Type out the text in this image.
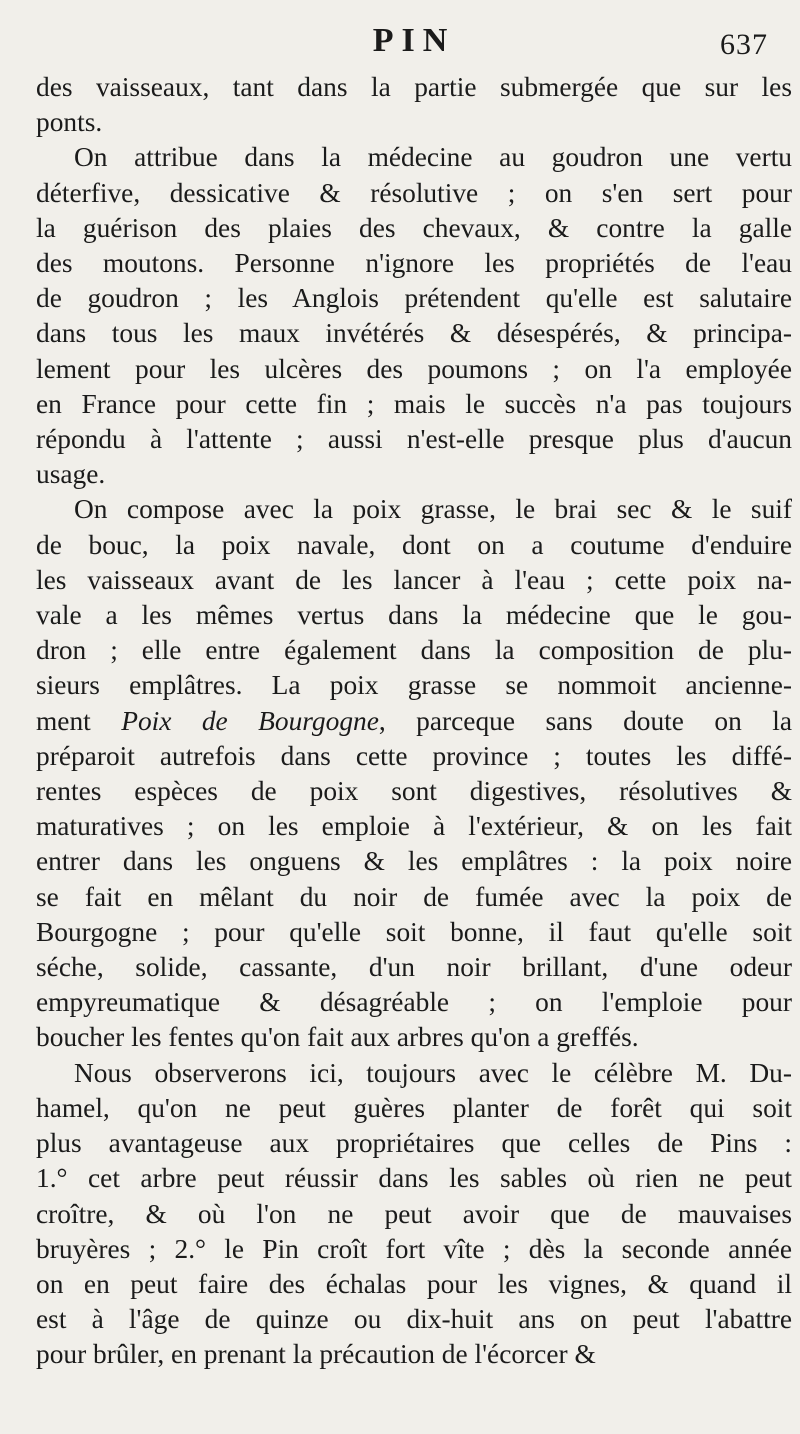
PIN	637
des vaisseaux, tant dans la partie submergée que sur les
ponts.
On attribue dans la médecine au goudron une vertu
déterfive, dessicative & résolutive ; on s'en sert pour
la guérison des plaies des chevaux, & contre la galle
des moutons. Personne n'ignore les propriétés de l'eau
de goudron ; les Anglois prétendent qu'elle est salutaire
dans tous les maux invétérés & désespérés, & principa-
lement pour les ulcères des poumons ; on l'a employée
en France pour cette fin ; mais le succès n'a pas toujours
répondu à l'attente ; aussi n'est-elle presque plus d'aucun
usage.
On compose avec la poix grasse, le brai sec & le suif
de bouc, la poix navale, dont on a coutume d'enduire
les vaisseaux avant de les lancer à l'eau ; cette poix na-
vale a les mêmes vertus dans la médecine que le gou-
dron ; elle entre également dans la composition de plu-
sieurs emplâtres. La poix grasse se nommoit ancienne-
ment Poix de Bourgogne, parceque sans doute on la
préparoit autrefois dans cette province ; toutes les diffé-
rentes espèces de poix sont digestives, résolutives &
maturatives ; on les emploie à l'extérieur, & on les fait
entrer dans les onguens & les emplâtres : la poix noire
se fait en mêlant du noir de fumée avec la poix de
Bourgogne ; pour qu'elle soit bonne, il faut qu'elle soit
séche, solide, cassante, d'un noir brillant, d'une odeur
empyreumatique & désagréable ; on l'emploie pour
boucher les fentes qu'on fait aux arbres qu'on a greffés.
Nous observerons ici, toujours avec le célèbre M. Du-
hamel, qu'on ne peut guères planter de forêt qui soit
plus avantageuse aux propriétaires que celles de Pins :
1.° cet arbre peut réussir dans les sables où rien ne peut
croître, & où l'on ne peut avoir que de mauvaises
bruyères ; 2.° le Pin croît fort vîte ; dès la seconde année
on en peut faire des échalas pour les vignes, & quand il
est à l'âge de quinze ou dix-huit ans on peut l'abattre
pour brûler, en prenant la précaution de l'écorcer &
